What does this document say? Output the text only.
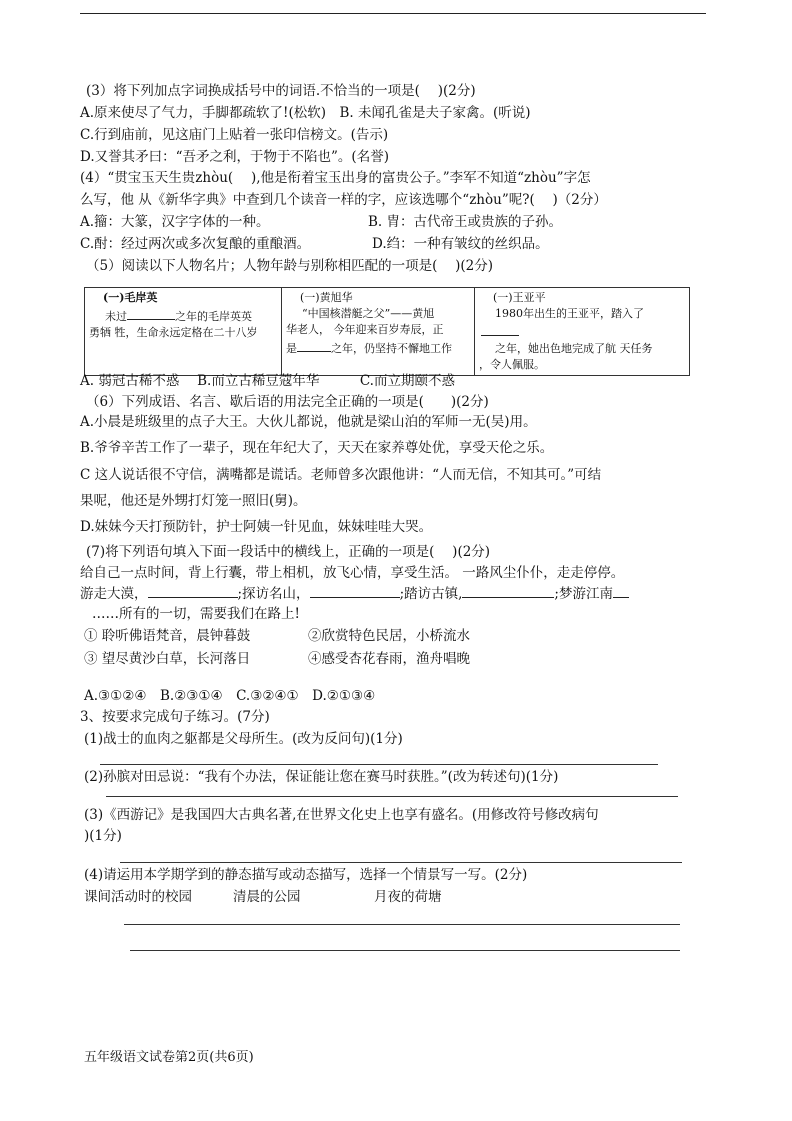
(3）将下列加点字词换成括号中的词语.不恰当的一项是(　 )(2分)
A.原来使尽了气力，手脚都疏软了!(松软)　B. 未闻孔雀是夫子家禽。(听说)
C.行到庙前，见这庙门上贴着一张印信榜文。(告示)
D.又誉其矛曰：“吾矛之利，于物于不陷也”。(名誉)
(4）“贯宝玉天生贵zhòu(　 ),他是衔着宝玉出身的富贵公子。”李军不知道“zhòu”字怎
么写，他 从《新华字典》中查到几个读音一样的字，应该选哪个“zhòu”呢?(　 )（2分）
A.籀：大篆，汉字字体的一种。	B. 胄：古代帝王或贵族的子孙。
C.酎：经过两次或多次复酿的重酿酒。	D.绉：一种有皱纹的丝织品。
（5）阅读以下人物名片；人物年龄与别称相匹配的一项是(　 )(2分)
(一)毛岸英
未过	之年的毛岸英英
勇牺 牲，生命永远定格在二十八岁

(一)黄旭华
“中国核潜艇之父”——黄旭
华老人， 今年迎来百岁寿辰，正
是	之年，仍坚持不懈地工作

(一)王亚平
1980年出生的王亚平，踏入了
之年，她出色地完成了航 天任务
，令人佩服。
A. 弱冠古稀不惑　 B.而立古稀豆蔻年华　　　C.而立期颐不惑
（6）下列成语、名言、歇后语的用法完全正确的一项是(　　)(2分)
A.小晨是班级里的点子大王。大伙儿都说，他就是梁山泊的军师一无(吴)用。
B.爷爷辛苦工作了一辈子，现在年纪大了，天天在家养尊处优，享受天伦之乐。
C 这人说话很不守信，满嘴都是谎话。老师曾多次跟他讲：“人而无信，不知其可。”可结
果呢，他还是外甥打灯笼一照旧(舅)。
D.妹妹今天打预防针，护士阿姨一针见血，妹妹哇哇大哭。
(7)将下列语句填入下面一段话中的横线上，正确的一项是(　 )(2分)
给自己一点时间，背上行囊，带上相机，放飞心情，享受生活。 一路风尘仆仆，走走停停。
游走大漠，	;探访名山，	;踏访古镇,	;梦游江南
……所有的一切，需要我们在路上!
① 聆听佛语梵音，晨钟暮鼓	②欣赏特色民居，小桥流水
③ 望尽黄沙白草，长河落日	④感受杏花春雨，渔舟唱晚
A.③①②④　B.②③①④　C.③②④①　D.②①③④
3、按要求完成句子练习。(7分)
(1)战士的血肉之躯都是父母所生。(改为反问句)(1分)
(2)孙膑对田忌说：“我有个办法，保证能让您在赛马时获胜。”(改为转述句)(1分)
(3)《西游记》是我国四大古典名著,在世界文化史上也享有盛名。(用修改符号修改病句
)(1分)
(4)请运用本学期学到的静态描写或动态描写，选择一个情景写一写。(2分)
课间活动时的校园	清晨的公园	月夜的荷塘
五年级语文试卷第2页(共6页)
